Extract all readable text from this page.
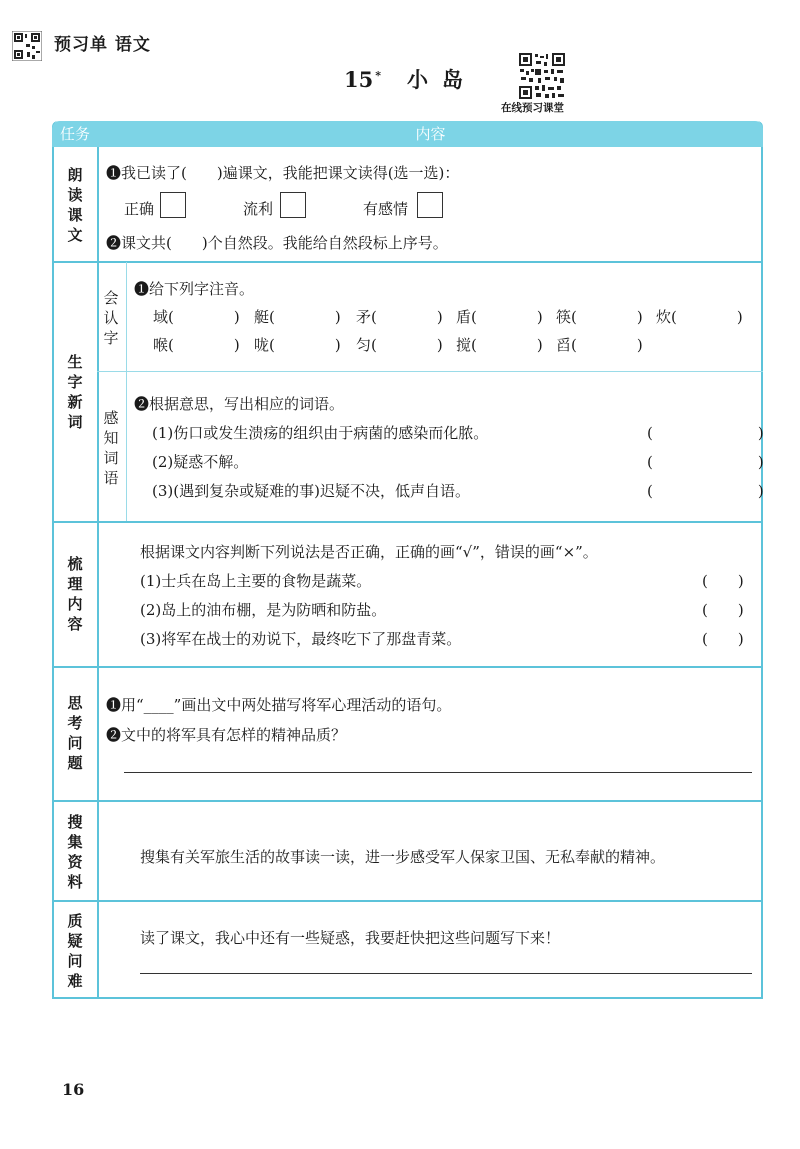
预习单 语文
15 * 小岛
在线预习课堂
任务	内容
朗
读
课
文
❶我已读了(　　)遍课文，我能把课文读得(选一选)：
正确	流利	有感情
❷课文共(　　)个自然段。我能给自然段标上序号。
生
字
新
词
会
认
字
❶给下列字注音。
域(　　　　) 艇(　　　　) 矛(　　　　) 盾(　　　　) 筷(　　　　) 炊(　　　　)
喉(　　　　) 咙(　　　　) 匀(　　　　) 搅(　　　　) 舀(　　　　)
感
知
词
语
❷根据意思，写出相应的词语。
(1)伤口或发生溃疡的组织由于病菌的感染而化脓。	(　　　　　　　)
(2)疑惑不解。	(　　　　　　　)
(3)(遇到复杂或疑难的事)迟疑不决，低声自语。	(　　　　　　　)
梳
理
内
容
根据课文内容判断下列说法是否正确，正确的画“√”，错误的画“×”。
(1)士兵在岛上主要的食物是蔬菜。	(　　)
(2)岛上的油布棚，是为防晒和防盐。	(　　)
(3)将军在战士的劝说下，最终吃下了那盘青菜。	(　　)
思
考
问
题
❶用“____”画出文中两处描写将军心理活动的语句。
❷文中的将军具有怎样的精神品质？
搜
集
资
料
搜集有关军旅生活的故事读一读，进一步感受军人保家卫国、无私奉献的精神。
质
疑
问
难
读了课文，我心中还有一些疑惑，我要赶快把这些问题写下来！
16
